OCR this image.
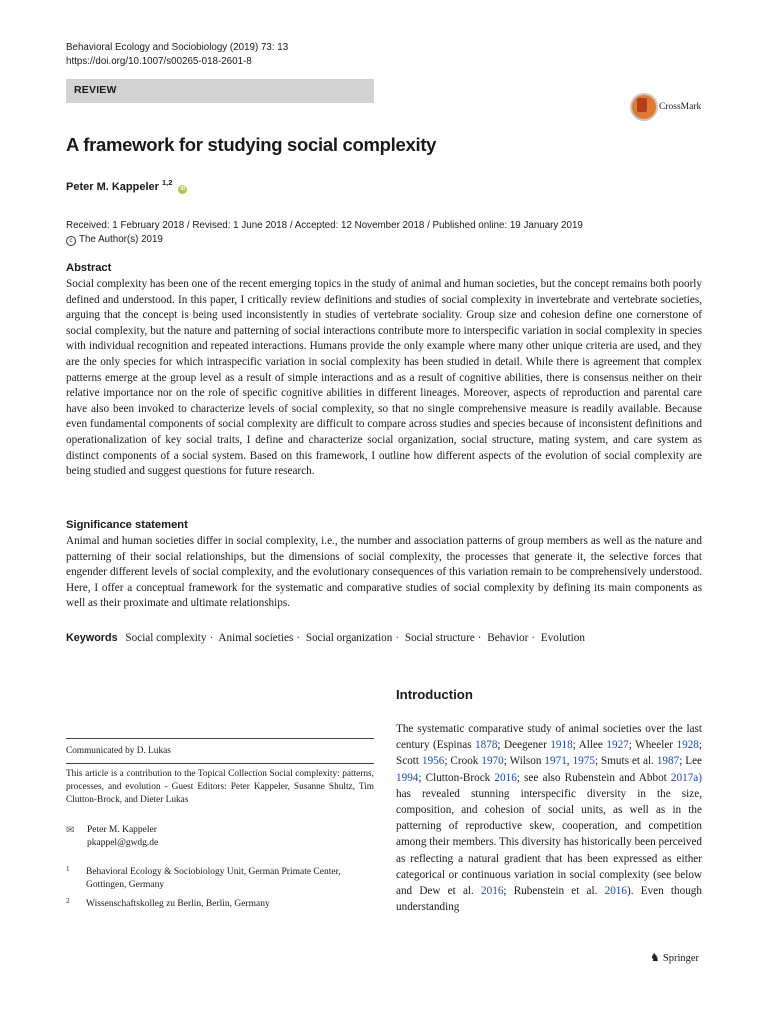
Behavioral Ecology and Sociobiology (2019) 73: 13
https://doi.org/10.1007/s00265-018-2601-8
REVIEW
CrossMark
A framework for studying social complexity
Peter M. Kappeler $^{1,2}$ iD
Received: 1 February 2018 / Revised: 1 June 2018 / Accepted: 12 November 2018 / Published online: 19 January 2019
c The Author(s) 2019
Abstract
Social complexity has been one of the recent emerging topics in the study of animal and human societies, but the concept remains both poorly defined and understood. In this paper, I critically review definitions and studies of social complexity in invertebrate and vertebrate societies, arguing that the concept is being used inconsistently in studies of vertebrate sociality. Group size and cohesion define one cornerstone of social complexity, but the nature and patterning of social interactions contribute more to interspecific variation in social complexity in species with individual recognition and repeated interactions. Humans provide the only example where many other unique criteria are used, and they are the only species for which intraspecific variation in social complexity has been studied in detail. While there is agreement that complex patterns emerge at the group level as a result of simple interactions and as a result of cognitive abilities, there is consensus neither on their relative importance nor on the role of specific cognitive abilities in different lineages. Moreover, aspects of reproduction and parental care have also been invoked to characterize levels of social complexity, so that no single comprehensive measure is readily available. Because even fundamental components of social complexity are difficult to compare across studies and species because of inconsistent definitions and operationalization of key social traits, I define and characterize social organization, social structure, mating system, and care system as distinct components of a social system. Based on this framework, I outline how different aspects of the evolution of social complexity are being studied and suggest questions for future research.
Significance statement
Animal and human societies differ in social complexity, i.e., the number and association patterns of group members as well as the nature and patterning of their social relationships, but the dimensions of social complexity, the processes that generate it, the selective forces that engender different levels of social complexity, and the evolutionary consequences of this variation remain to be comprehensively understood. Here, I offer a conceptual framework for the systematic and comparative studies of social complexity by defining its main components as well as their proximate and ultimate relationships.
Keywords Social complexity · Animal societies · Social organization · Social structure · Behavior · Evolution
Communicated by D. Lukas
This article is a contribution to the Topical Collection Social complexity: patterns, processes, and evolution - Guest Editors: Peter Kappeler, Susanne Shultz, Tim Clutton-Brock, and Dieter Lukas
✉ Peter M. Kappeler
pkappel@gwdg.de
1 Behavioral Ecology & Sociobiology Unit, German Primate Center, Gottingen, Germany
2 Wissenschaftskolleg zu Berlin, Berlin, Germany
Introduction
The systematic comparative study of animal societies over the last century (Espinas 1878; Deegener 1918; Allee 1927; Wheeler 1928; Scott 1956; Crook 1970; Wilson 1971, 1975; Smuts et al. 1987; Lee 1994; Clutton-Brock 2016; see also Rubenstein and Abbot 2017a) has revealed stunning interspecific diversity in the size, composition, and cohesion of social units, as well as in the patterning of reproductive skew, cooperation, and competition among their members. This diversity has historically been perceived as reflecting a natural gradient that has been expressed as either categorical or continuous variation in social complexity (see below and Dew et al. 2016; Rubenstein et al. 2016). Even though understanding
♞ Springer
